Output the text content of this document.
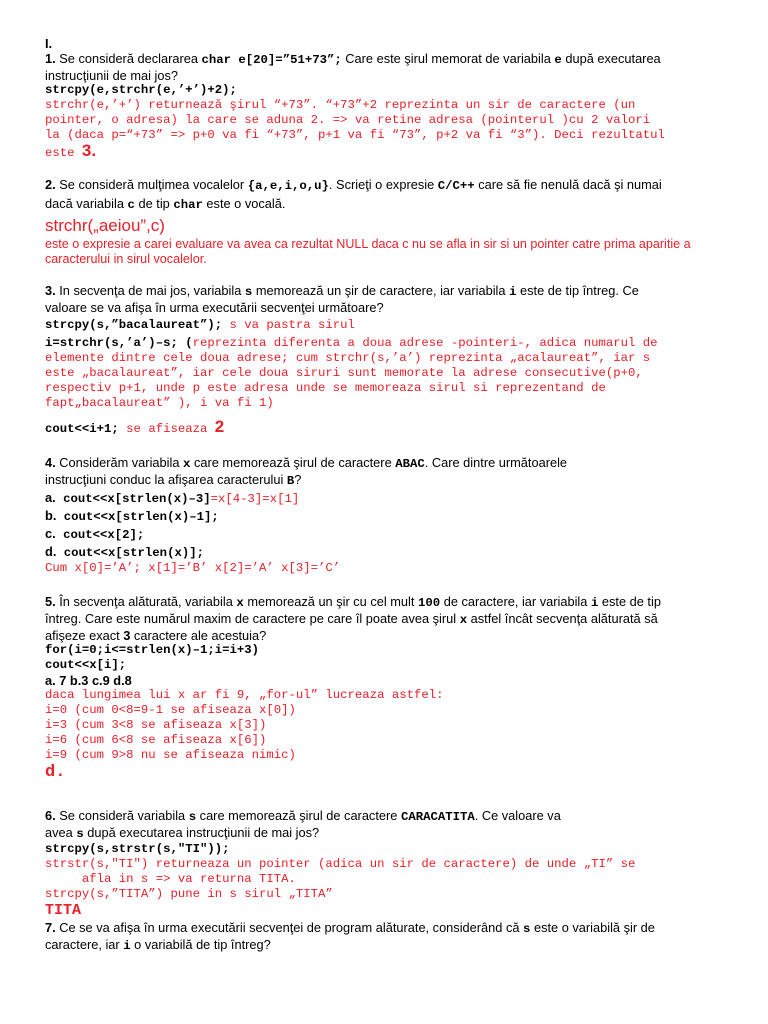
I.
1. Se consideră declararea char e[20]=”51+73”; Care este şirul memorat de variabila e după executarea
instrucţiunii de mai jos?
strcpy(e,strchr(e,’+’)+2);
strchr(e,’+’) returnează şirul “+73”. “+73”+2 reprezinta un sir de caractere (un
pointer, o adresa) la care se aduna 2. => va retine adresa (pointerul )cu 2 valori
la (daca p=“+73” => p+0 va fi “+73”, p+1 va fi “73”, p+2 va fi “3”). Deci rezultatul
este 3.
2. Se consideră mulţimea vocalelor {a,e,i,o,u}. Scrieţi o expresie C/C++ care să fie nenulă dacă şi numai
dacă variabila c de tip char este o vocală.
strchr(„aeiou”,c)
este o expresie a carei evaluare va avea ca rezultat NULL daca c nu se afla in sir si un pointer catre prima aparitie a caracterului in sirul vocalelor.
3. In secvenţa de mai jos, variabila s memorează un şir de caractere, iar variabila i este de tip întreg. Ce
valoare se va afişa în urma executării secvenţei următoare?
strcpy(s,”bacalaureat”); s va pastra sirul
i=strchr(s,’a’)–s; (reprezinta diferenta a doua adrese -pointeri-, adica numarul de
elemente dintre cele doua adrese; cum strchr(s,’a’) reprezinta „acalaureat”, iar s
este „bacalaureat”, iar cele doua siruri sunt memorate la adrese consecutive(p+0,
respectiv p+1, unde p este adresa unde se memoreaza sirul si reprezentand de
fapt„bacalaureat” ), i va fi 1)
cout<<i+1; se afiseaza 2
4. Considerăm variabila x care memorează şirul de caractere ABAC. Care dintre următoarele
instrucţiuni conduc la afişarea caracterului B?
a. cout<<x[strlen(x)–3]=x[4-3]=x[1]
b. cout<<x[strlen(x)–1];
c. cout<<x[2];
d. cout<<x[strlen(x)];
Cum x[0]=’A’; x[1]=’B’ x[2]=’A’ x[3]=’C’
5. În secvenţa alăturată, variabila x memorează un şir cu cel mult 100 de caractere, iar variabila i este de tip
întreg. Care este numărul maxim de caractere pe care îl poate avea şirul x astfel încât secvenţa alăturată să
afişeze exact 3 caractere ale acestuia?
for(i=0;i<=strlen(x)–1;i=i+3)
cout<<x[i];
a. 7 b.3 c.9 d.8
daca lungimea lui x ar fi 9, „for-ul” lucreaza astfel:
i=0 (cum 0<8=9-1 se afiseaza x[0])
i=3 (cum 3<8 se afiseaza x[3])
i=6 (cum 6<8 se afiseaza x[6])
i=9 (cum 9>8 nu se afiseaza nimic)
d.
6. Se consideră variabila s care memorează şirul de caractere CARACATITA. Ce valoare va
avea s după executarea instrucţiunii de mai jos?
strcpy(s,strstr(s,"TI"));
strstr(s,"TI") returneaza un pointer (adica un sir de caractere) de unde „TI” se
afla in s => va returna TITA.
strcpy(s,”TITA”) pune in s sirul „TITA”
TITA
7. Ce se va afişa în urma executării secvenţei de program alăturate, considerând că s este o variabilă şir de
caractere, iar i o variabilă de tip întreg?
